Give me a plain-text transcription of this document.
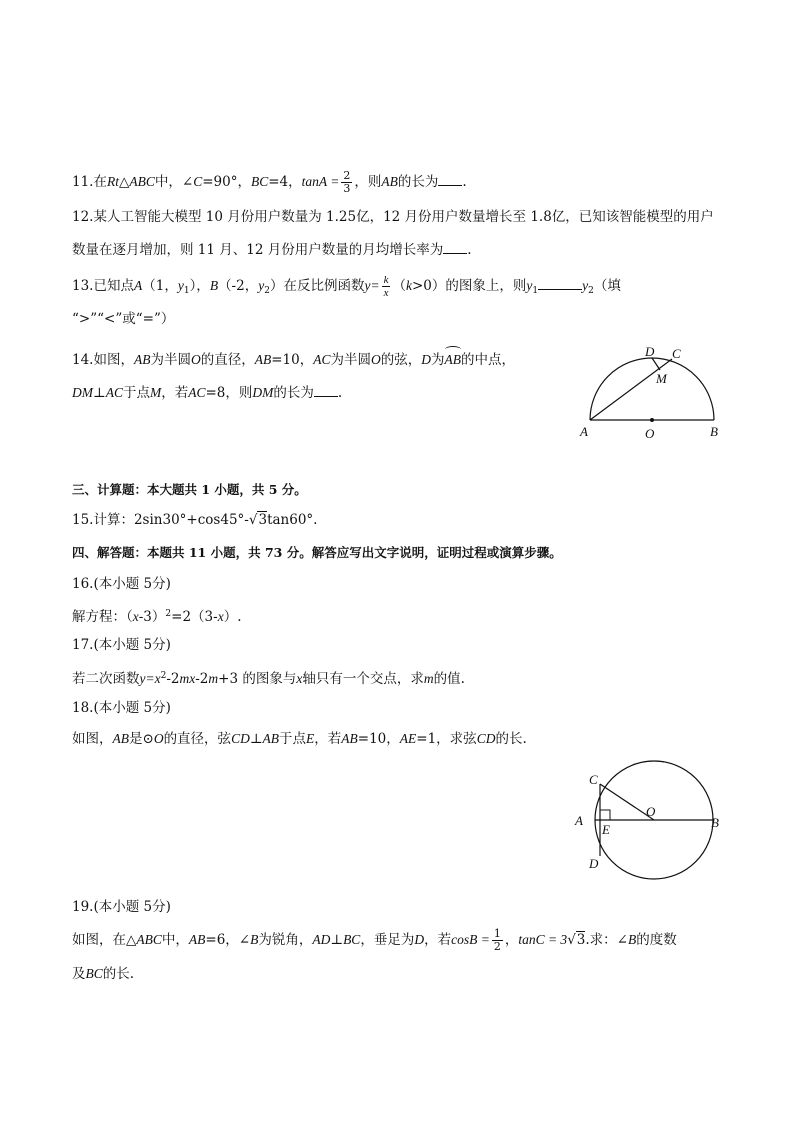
11.在Rt△ABC中，∠C=90°，BC=4，$\tan A = \frac{2}{3}$ ，则AB的长为 .
12.某人工智能大模型 10 月份用户数量为 1.25亿，12 月份用户数量增长至 1.8亿，已知该智能模型的用户
数量在逐月增加，则 11 月、12 月份用户数量的月均增长率为 .
13.已知点A（1，$y_1$），B（-2，$y_2$）在反比例函数$y= \frac{k}{x} (k>0)$的图象上，则$y_1$	$y_2$（填
“>”“<”或“=”）
14.如图，AB为半圆O的直径，AB=10，AC为半圆O的弦，D为AB的中点，
DM⊥AC于点M，若AC=8，则DM的长为 .
D C
M
A	O	B
三、计算题：本大题共 1 小题，共 5 分。
15.计算：2sin30°+cos45°-√3tan60°.
四、解答题：本题共 11 小题，共 73 分。解答应写出文字说明，证明过程或演算步骤。
16.(本小题 5分)
解方程：$(x-3)^2=2(3-x)$.
17.(本小题 5分)
若二次函数$y=x^2-2mx-2m+3$ 的图象与x轴只有一个交点，求m的值.
18.(本小题 5分)
如图，AB是⊙O的直径，弦CD⊥AB于点E，若AB=10，AE=1，求弦CD的长.
C
O
A
E	B
D
19.(本小题 5分)
如图，在△ABC中，AB=6，∠B为锐角，AD⊥BC，垂足为D，若$\cos B = \frac{1}{2}$ ，tanC = 3√3.求：∠B的度数
及BC的长.
